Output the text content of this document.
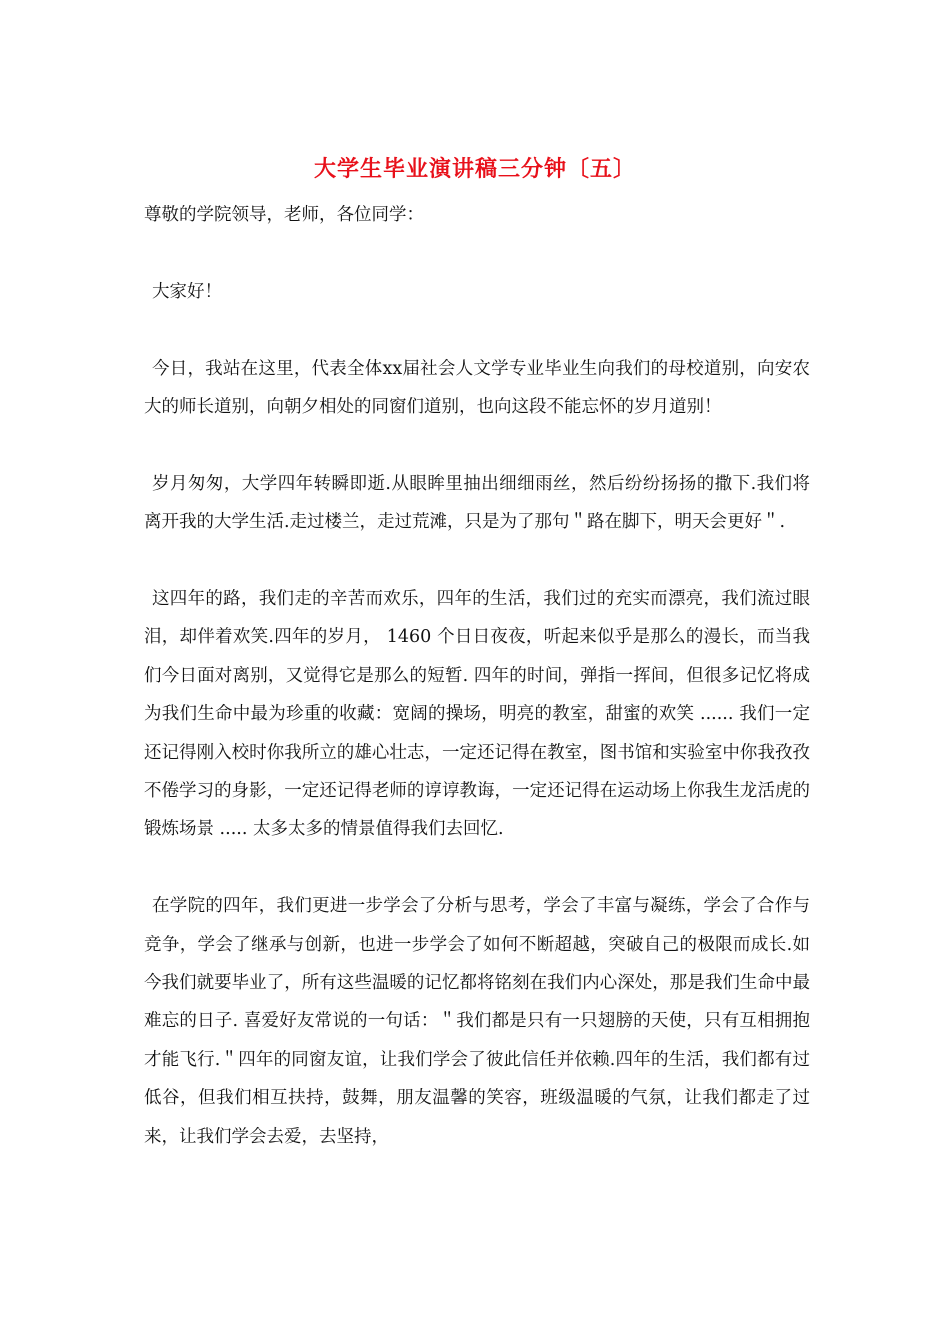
大学生毕业演讲稿三分钟〔五〕

尊敬的学院领导，老师，各位同学：

大家好！

今日，我站在这里，代表全体xx届社会人文学专业毕业生向我们的母校道别，向安农大的师长道别，向朝夕相处的同窗们道别，也向这段不能忘怀的岁月道别！

岁月匆匆，大学四年转瞬即逝.从眼眸里抽出细细雨丝，然后纷纷扬扬的撒下.我们将离开我的大学生活.走过楼兰，走过荒滩，只是为了那句＂路在脚下，明天会更好＂.

这四年的路，我们走的辛苦而欢乐，四年的生活，我们过的充实而漂亮，我们流过眼泪，却伴着欢笑.四年的岁月， 1460 个日日夜夜，听起来似乎是那么的漫长，而当我们今日面对离别，又觉得它是那么的短暂. 四年的时间，弹指一挥间，但很多记忆将成为我们生命中最为珍重的收藏：宽阔的操场，明亮的教室，甜蜜的欢笑 ...... 我们一定还记得刚入校时你我所立的雄心壮志，一定还记得在教室，图书馆和实验室中你我孜孜不倦学习的身影，一定还记得老师的谆谆教诲，一定还记得在运动场上你我生龙活虎的锻炼场景 ..... 太多太多的情景值得我们去回忆.

在学院的四年，我们更进一步学会了分析与思考，学会了丰富与凝练，学会了合作与竞争，学会了继承与创新，也进一步学会了如何不断超越，突破自己的极限而成长.如今我们就要毕业了，所有这些温暖的记忆都将铭刻在我们内心深处，那是我们生命中最难忘的日子. 喜爱好友常说的一句话：＂我们都是只有一只翅膀的天使，只有互相拥抱才能飞行.＂四年的同窗友谊，让我们学会了彼此信任并依赖.四年的生活，我们都有过低谷，但我们相互扶持，鼓舞，朋友温馨的笑容，班级温暖的气氛，让我们都走了过来，让我们学会去爱，去坚持，
